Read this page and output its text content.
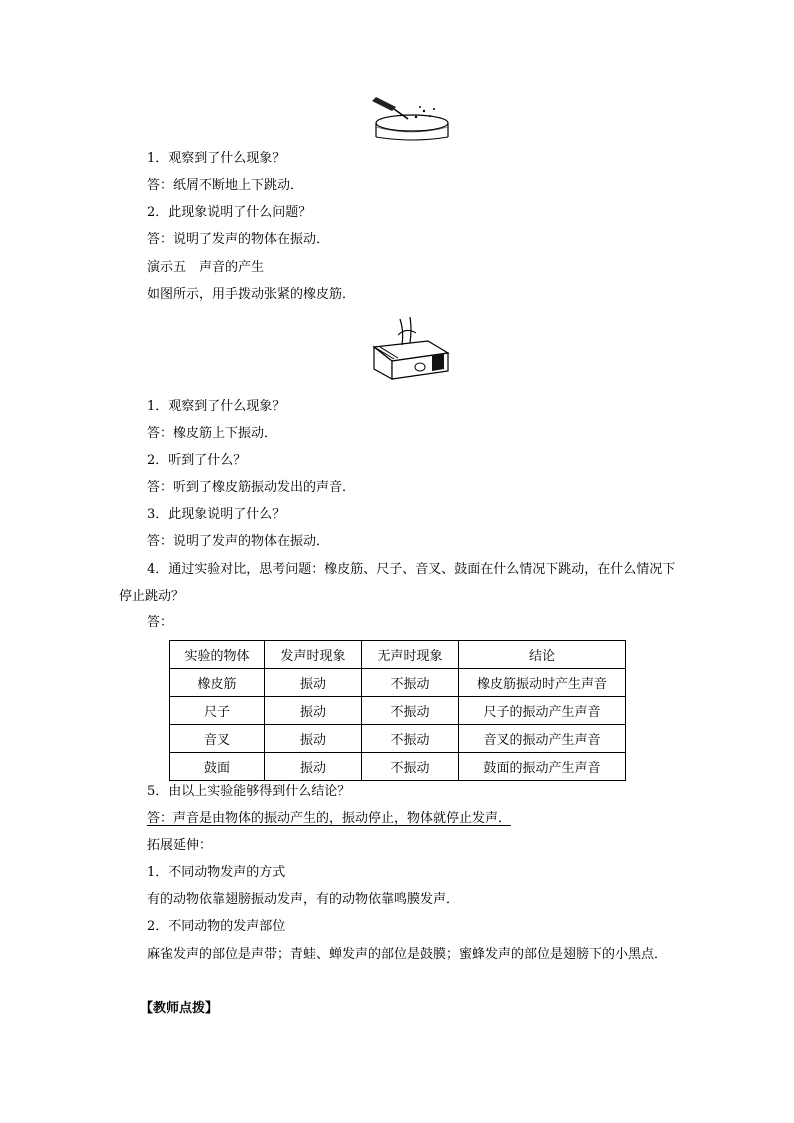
1．观察到了什么现象？
答：纸屑不断地上下跳动．
2．此现象说明了什么问题？
答：说明了发声的物体在振动．
演示五　声音的产生
如图所示，用手拨动张紧的橡皮筋．
1．观察到了什么现象？
答：橡皮筋上下振动．
2．听到了什么？
答：听到了橡皮筋振动发出的声音．
3．此现象说明了什么？
答：说明了发声的物体在振动．
4．通过实验对比，思考问题：橡皮筋、尺子、音叉、鼓面在什么情况下跳动，在什么情况下停止跳动？
答：
实验的物体	发声时现象	无声时现象	结论
橡皮筋	振动	不振动	橡皮筋振动时产生声音
尺子	振动	不振动	尺子的振动产生声音
音叉	振动	不振动	音叉的振动产生声音
鼓面	振动	不振动	鼓面的振动产生声音
5．由以上实验能够得到什么结论？
答：声音是由物体的振动产生的，振动停止，物体就停止发声．
拓展延伸：
1．不同动物发声的方式
有的动物依靠翅膀振动发声，有的动物依靠鸣膜发声．
2．不同动物的发声部位
麻雀发声的部位是声带；青蛙、蝉发声的部位是鼓膜；蜜蜂发声的部位是翅膀下的小黑点．
【教师点拨】
